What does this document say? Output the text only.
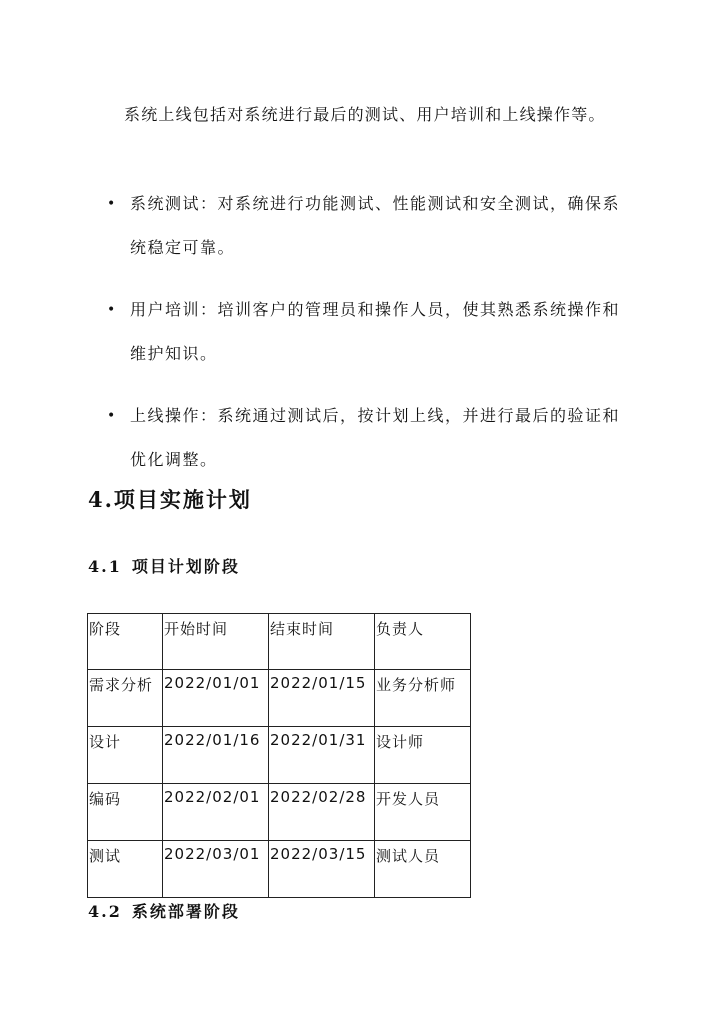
系统上线包括对系统进行最后的测试、用户培训和上线操作等。

• 系统测试：对系统进行功能测试、性能测试和安全测试，确保系统稳定可靠。
• 用户培训：培训客户的管理员和操作人员，使其熟悉系统操作和维护知识。
• 上线操作：系统通过测试后，按计划上线，并进行最后的验证和优化调整。
4.项目实施计划
4.1 项目计划阶段
阶段	开始时间	结束时间	负责人
需求分析	2022/01/01	2022/01/15	业务分析师
设计	2022/01/16	2022/01/31	设计师
编码	2022/02/01	2022/02/28	开发人员
测试	2022/03/01	2022/03/15	测试人员
4.2 系统部署阶段
